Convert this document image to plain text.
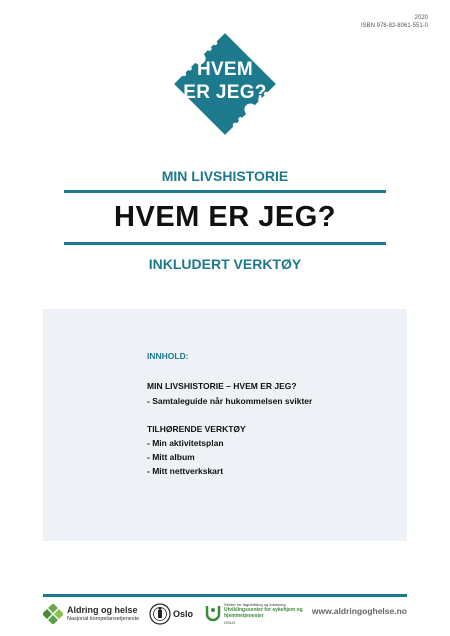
2020
ISBN 978-82-8061-551-0
HVEM
ER JEG?
MIN LIVSHISTORIE
HVEM ER JEG?
INKLUDERT VERKTØY
INNHOLD:
MIN LIVSHISTORIE – HVEM ER JEG?
- Samtaleguide når hukommelsen svikter
TILHØRENDE VERKTØY
- Min aktivitetsplan
- Mitt album
- Mitt nettverkskart
Aldring og helse
Nasjonal kompetansetjeneste	Oslo
Senter for fagutvikling og forskning
Utviklingssenter for sykehjem og hjemmetjenester
OSLO
www.aldringoghelse.no
